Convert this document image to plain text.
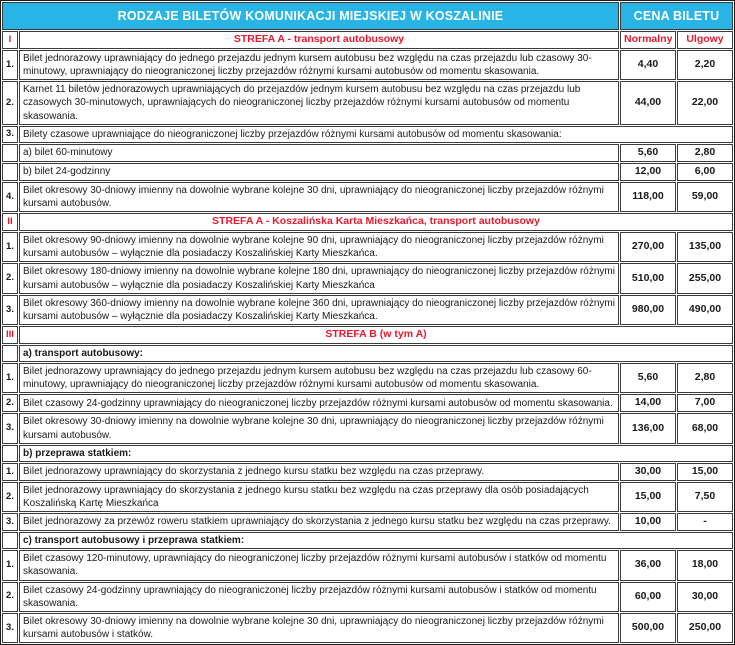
RODZAJE BILETÓW KOMUNIKACJI MIEJSKIEJ W KOSZALINIE		CENA BILETU	
I	STREFA A - transport autobusowy	Normalny	Ulgowy
1.	Bilet jednorazowy uprawniający do jednego przejazdu jednym kursem autobusu bez względu na czas przejazdu lub czasowy 30-minutowy, uprawniający do nieograniczonej liczby przejazdów różnymi kursami autobusów od momentu skasowania.	4,40	2,20
2.	Karnet 11 biletów jednorazowych uprawniających do przejazdów jednym kursem autobusu bez względu na czas przejazdu lub czasowych 30-minutowych, uprawniających do nieograniczonej liczby przejazdów różnymi kursami autobusów od momentu skasowania.	44,00	22,00
3.	Bilety czasowe uprawniające do nieograniczonej liczby przejazdów różnymi kursami autobusów od momentu skasowania:		
	a) bilet 60-minutowy	5,60	2,80
	b) bilet 24-godzinny	12,00	6,00
4.	Bilet okresowy 30-dniowy imienny na dowolnie wybrane kolejne 30 dni, uprawniający do nieograniczonej liczby przejazdów różnymi kursami autobusów.	118,00	59,00
II	STREFA A - Koszalińska Karta Mieszkańca, transport autobusowy		
1.	Bilet okresowy 90-dniowy imienny na dowolnie wybrane kolejne 90 dni, uprawniający do nieograniczonej liczby przejazdów różnymi kursami autobusów – wyłącznie dla posiadaczy Koszalińskiej Karty Mieszkańca.	270,00	135,00
2.	Bilet okresowy 180-dniowy imienny na dowolnie wybrane kolejne 180 dni, uprawniający do nieograniczonej liczby przejazdów różnymi kursami autobusów – wyłącznie dla posiadaczy Koszalińskiej Karty Mieszkańca	510,00	255,00
3.	Bilet okresowy 360-dniowy imienny na dowolnie wybrane kolejne 360 dni, uprawniający do nieograniczonej liczby przejazdów różnymi kursami autobusów – wyłącznie dla posiadaczy Koszalińskiej Karty Mieszkańca.	980,00	490,00
III	STREFA B (w tym A)		
	a) transport autobusowy:		
1.	Bilet jednorazowy uprawniający do jednego przejazdu jednym kursem autobusu bez względu na czas przejazdu lub czasowy 60-minutowy, uprawniający do nieograniczonej liczby przejazdów różnymi kursami autobusów od momentu skasowania.	5,60	2,80
2.	Bilet czasowy 24-godzinny uprawniający do nieograniczonej liczby przejazdów różnymi kursami autobusów od momentu skasowania.	14,00	7,00
3.	Bilet okresowy 30-dniowy imienny na dowolnie wybrane kolejne 30 dni, uprawniający do nieograniczonej liczby przejazdów różnymi kursami autobusów.	136,00	68,00
	b) przeprawa statkiem:		
1.	Bilet jednorazowy uprawniający do skorzystania z jednego kursu statku bez względu na czas przeprawy.	30,00	15,00
2.	Bilet jednorazowy uprawniający do skorzystania z jednego kursu statku bez względu na czas przeprawy dla osób posiadających Koszalińską Kartę Mieszkańca	15,00	7,50
3.	Bilet jednorazowy za przewóz roweru statkiem uprawniający do skorzystania z jednego kursu statku bez względu na czas przeprawy.	10,00	-
	c) transport autobusowy i przeprawa statkiem:		
1.	Bilet czasowy 120-minutowy, uprawniający do nieograniczonej liczby przejazdów różnymi kursami autobusów i statków od momentu skasowania.	36,00	18,00
2.	Bilet czasowy 24-godzinny uprawniający do nieograniczonej liczby przejazdów różnymi kursami autobusów i statków od momentu skasowania.	60,00	30,00
3.	Bilet okresowy 30-dniowy imienny na dowolnie wybrane kolejne 30 dni, uprawniający do nieograniczonej liczby przejazdów różnymi kursami autobusów i statków.	500,00	250,00
